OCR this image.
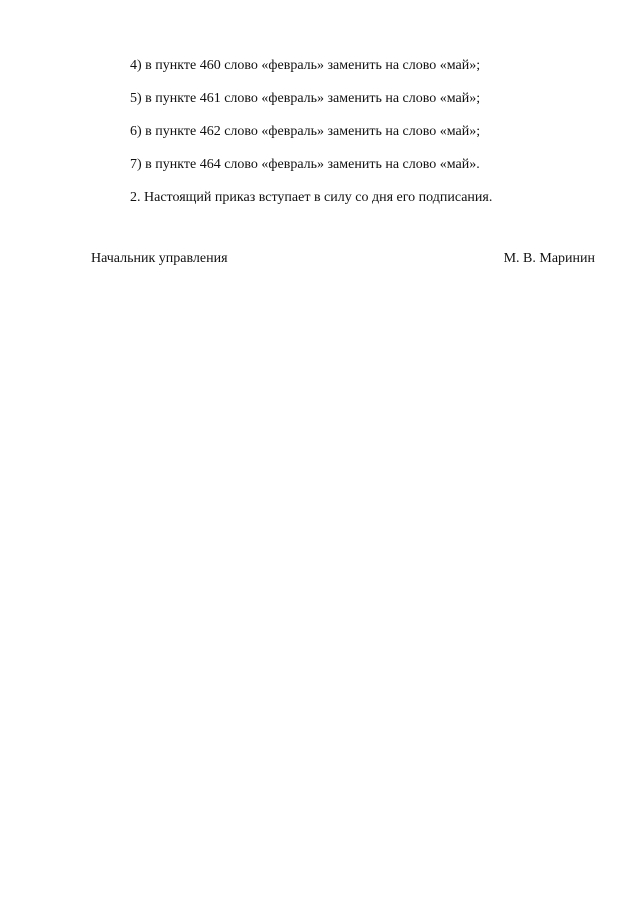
4) в пункте 460 слово «февраль» заменить на слово «май»;

5) в пункте 461 слово «февраль» заменить на слово «май»;

6) в пункте 462 слово «февраль» заменить на слово «май»;

7) в пункте 464 слово «февраль» заменить на слово «май».

2. Настоящий приказ вступает в силу со дня его подписания.

Начальник управления	М. В. Маринин
